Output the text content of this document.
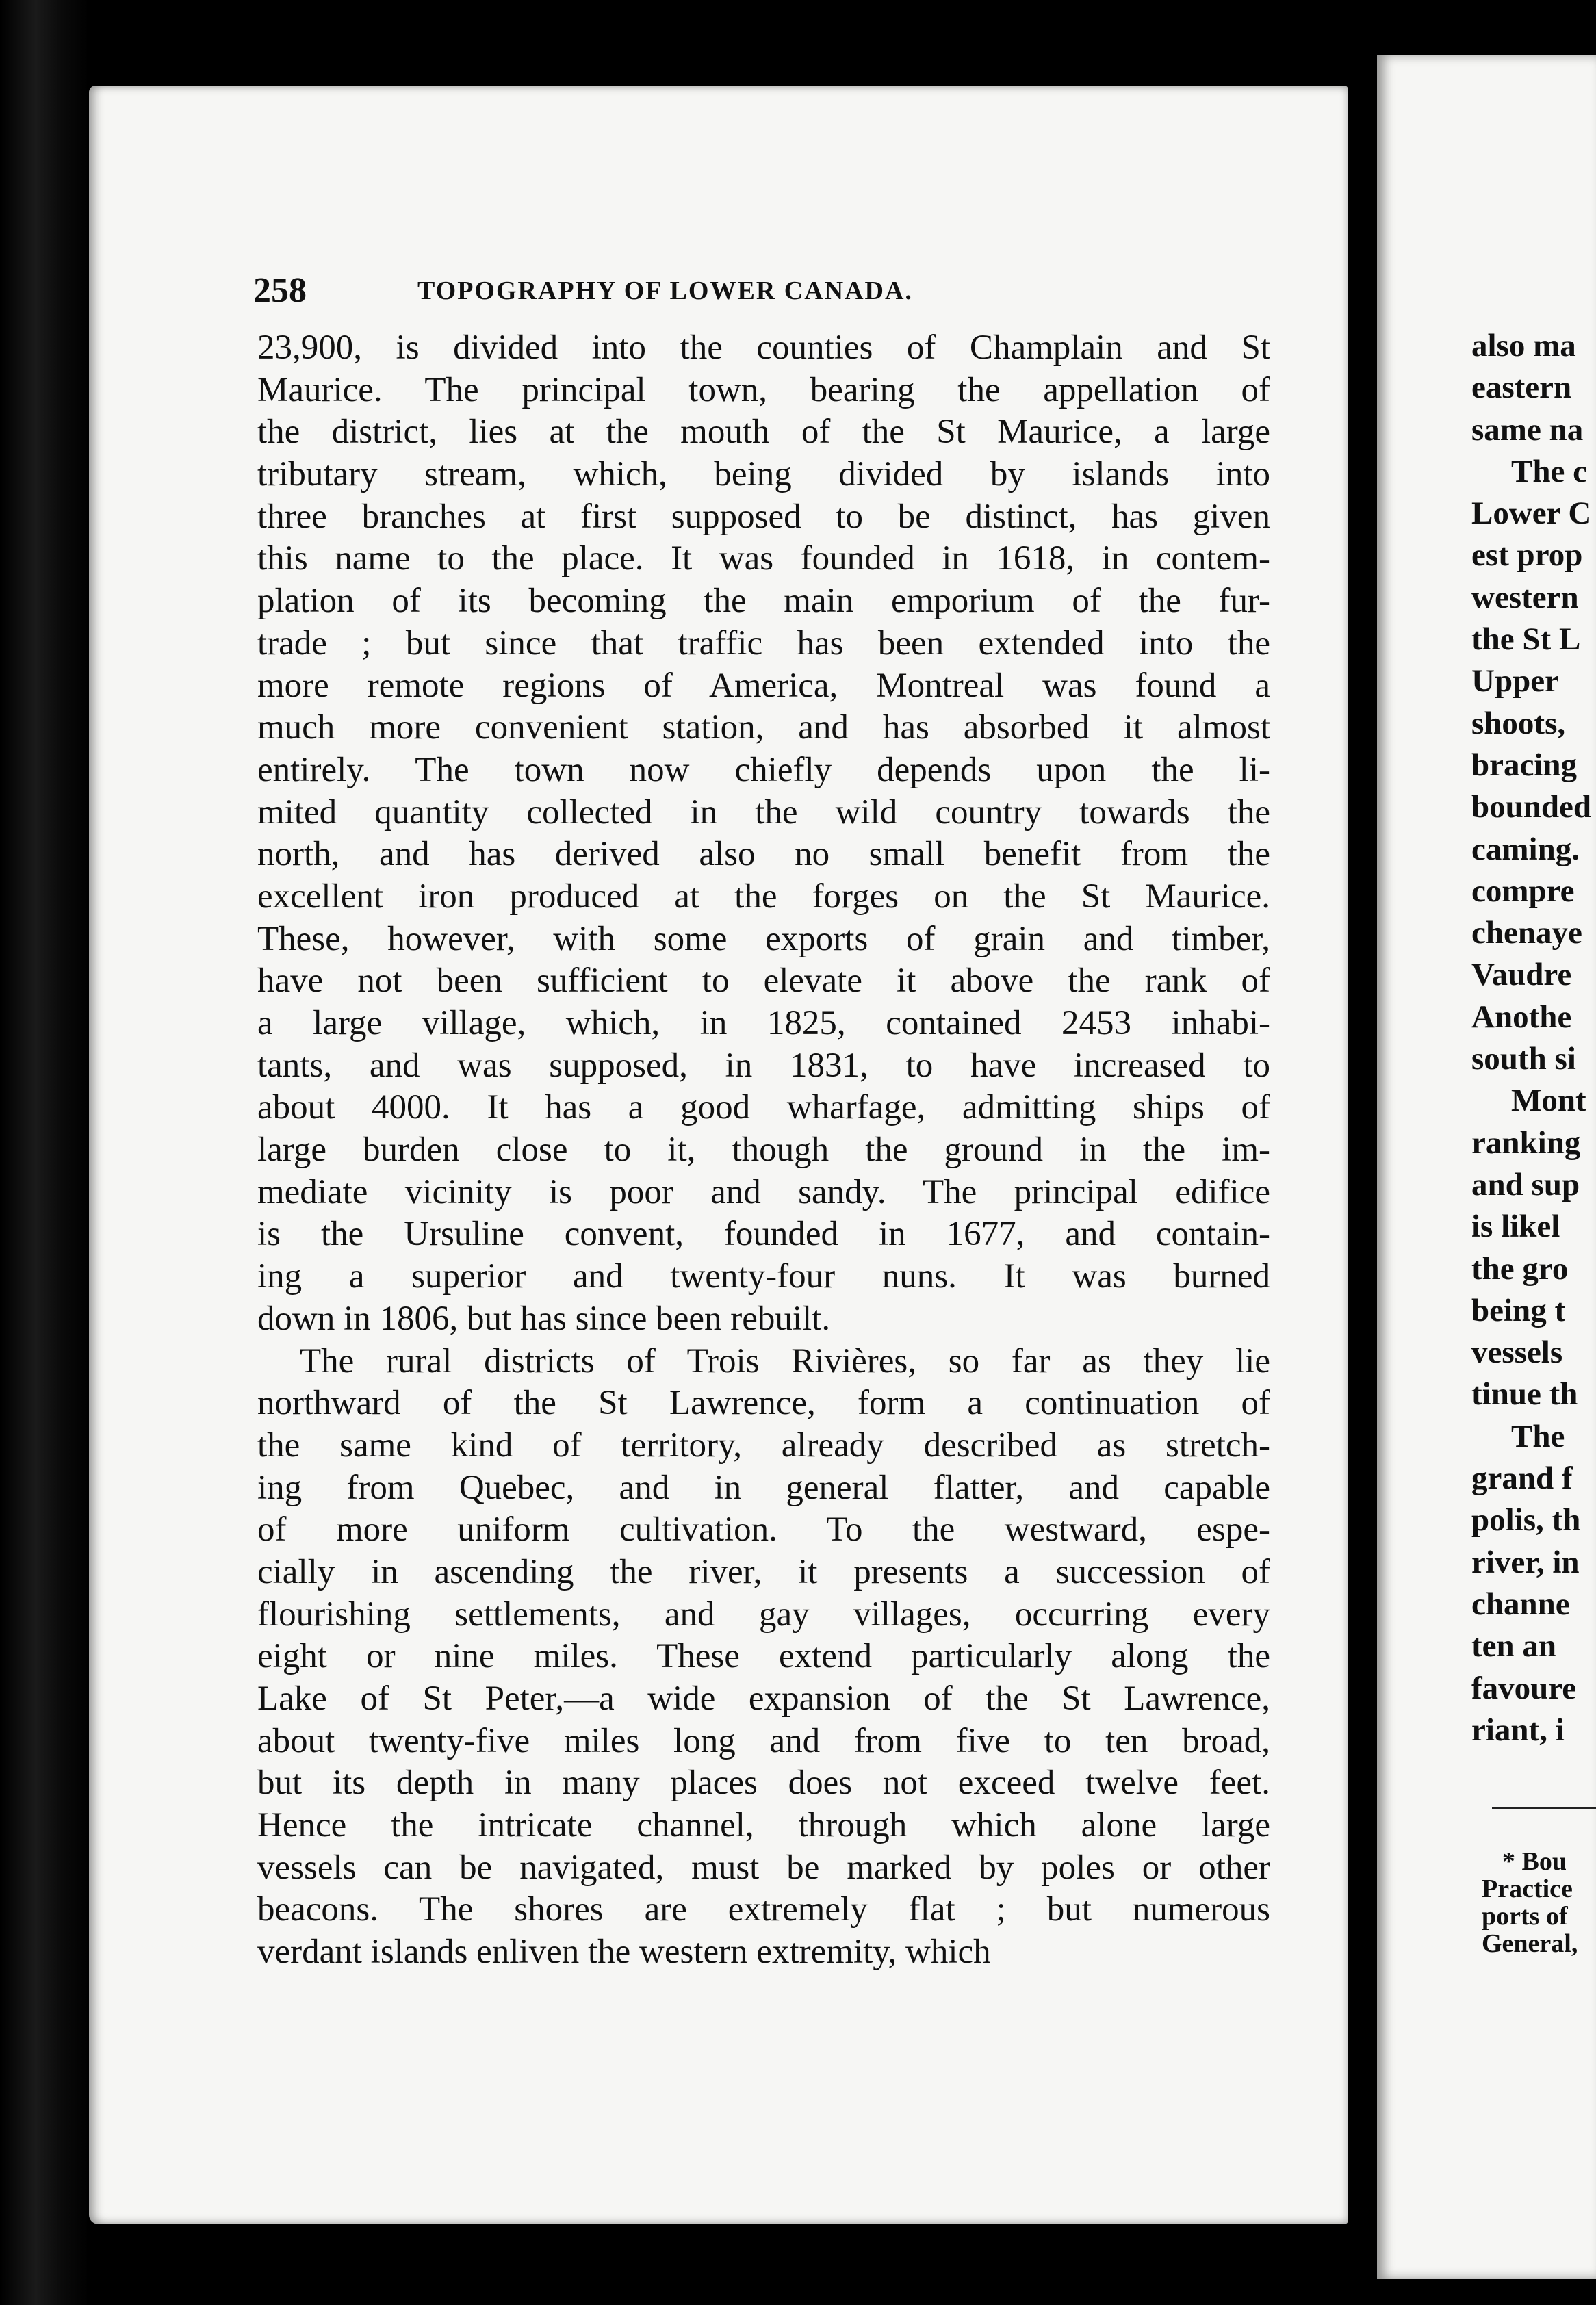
258	TOPOGRAPHY OF LOWER CANADA.
23,900, is divided into the counties of Champlain and St
Maurice. The principal town, bearing the appellation of
the district, lies at the mouth of the St Maurice, a large
tributary stream, which, being divided by islands into
three branches at first supposed to be distinct, has given
this name to the place. It was founded in 1618, in contem-
plation of its becoming the main emporium of the fur-
trade ; but since that traffic has been extended into the
more remote regions of America, Montreal was found a
much more convenient station, and has absorbed it almost
entirely. The town now chiefly depends upon the li-
mited quantity collected in the wild country towards the
north, and has derived also no small benefit from the
excellent iron produced at the forges on the St Maurice.
These, however, with some exports of grain and timber,
have not been sufficient to elevate it above the rank of
a large village, which, in 1825, contained 2453 inhabi-
tants, and was supposed, in 1831, to have increased to
about 4000. It has a good wharfage, admitting ships of
large burden close to it, though the ground in the im-
mediate vicinity is poor and sandy. The principal edifice
is the Ursuline convent, founded in 1677, and contain-
ing a superior and twenty-four nuns. It was burned
down in 1806, but has since been rebuilt.
The rural districts of Trois Rivières, so far as they lie
northward of the St Lawrence, form a continuation of
the same kind of territory, already described as stretch-
ing from Quebec, and in general flatter, and capable
of more uniform cultivation. To the westward, espe-
cially in ascending the river, it presents a succession of
flourishing settlements, and gay villages, occurring every
eight or nine miles. These extend particularly along the
Lake of St Peter,—a wide expansion of the St Lawrence,
about twenty-five miles long and from five to ten broad,
but its depth in many places does not exceed twelve feet.
Hence the intricate channel, through which alone large
vessels can be navigated, must be marked by poles or other
beacons. The shores are extremely flat ; but numerous
verdant islands enliven the western extremity, which
also ma
eastern
same na
The c
Lower C
est prop
western
the St L
Upper
shoots,
bracing
bounded
caming.
compre
chenaye
Vaudre
Anothe
south si
Mont
ranking
and sup
is likel
the gro
being t
vessels
tinue th
The
grand f
polis, th
river, in
channe
ten an
favoure
riant, i
* Bou
Practice
ports of
General,
